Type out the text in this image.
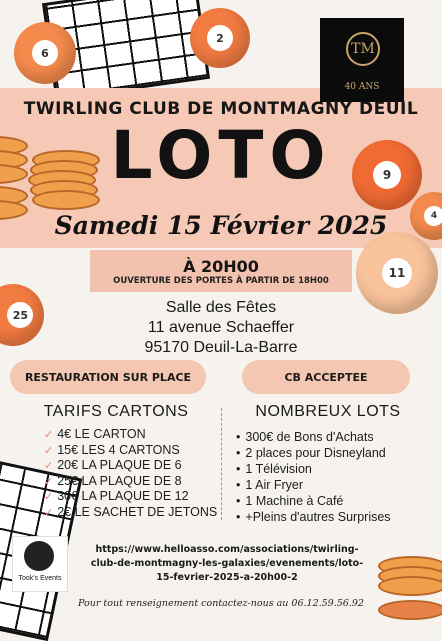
6
2
9
4
11
25
TM
40 ANS
TWIRLING CLUB DE MONTMAGNY DEUIL
LOTO
Samedi 15 Février 2025
À 20H00
OUVERTURE DES PORTES À PARTIR DE 18H00
Salle des Fêtes
11 avenue Schaeffer
95170 Deuil-La-Barre
RESTAURATION SUR PLACE	CB ACCEPTEE
TARIFS CARTONS
✓ 4€ LE CARTON
✓ 15€ LES 4 CARTONS
✓ 20€ LA PLAQUE DE 6
✓ 25€ LA PLAQUE DE 8
✓ 30€ LA PLAQUE DE 12
✓ 2€ LE SACHET DE JETONS
NOMBREUX LOTS
• 300€ de Bons d'Achats
• 2 places pour Disneyland
• 1 Télévision
• 1 Air Fryer
• 1 Machine à Café
• +Pleins d'autres Surprises
Took's Events
https://www.helloasso.com/associations/twirling-
club-de-montmagny-les-galaxies/evenements/loto-
15-fevrier-2025-a-20h00-2
Pour tout renseignement contactez-nous au 06.12.59.56.92
